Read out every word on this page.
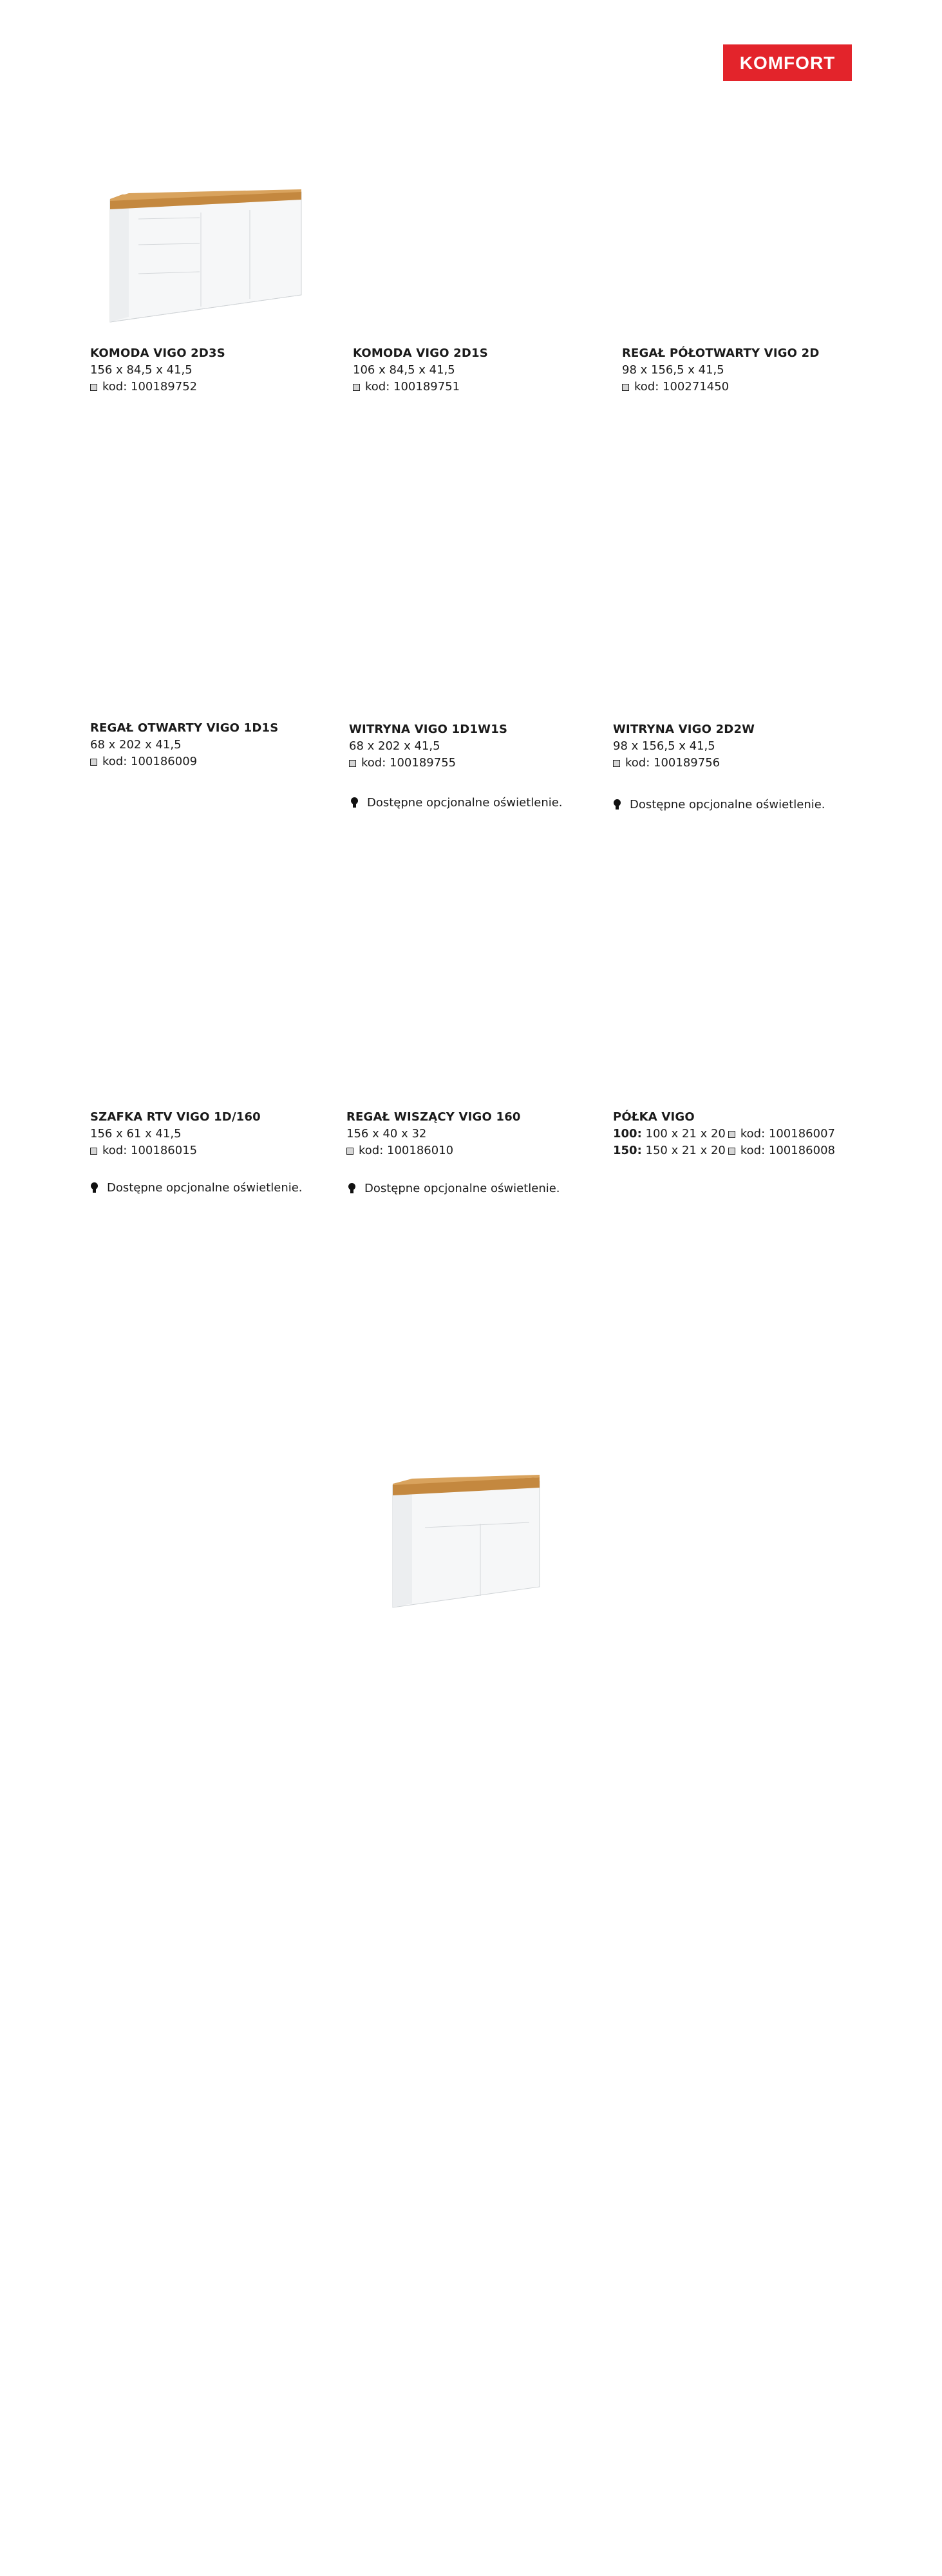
KOMFORT
KOMODA VIGO 2D3S
156 x 84,5 x 41,5
kod: 100189752
KOMODA VIGO 2D1S
106 x 84,5 x 41,5
kod: 100189751
REGAŁ PÓŁOTWARTY VIGO 2D
98 x 156,5 x 41,5
kod: 100271450
REGAŁ OTWARTY VIGO 1D1S
68 x 202 x 41,5
kod: 100186009
WITRYNA VIGO 1D1W1S
68 x 202 x 41,5
kod: 100189755
Dostępne opcjonalne oświetlenie.
WITRYNA VIGO 2D2W
98 x 156,5 x 41,5
kod: 100189756
Dostępne opcjonalne oświetlenie.
SZAFKA RTV VIGO 1D/160
156 x 61 x 41,5
kod: 100186015
Dostępne opcjonalne oświetlenie.
REGAŁ WISZĄCY VIGO 160
156 x 40 x 32
kod: 100186010
Dostępne opcjonalne oświetlenie.
PÓŁKA VIGO
100: 100 x 21 x 20 kod: 100186007
150: 150 x 21 x 20 kod: 100186008
